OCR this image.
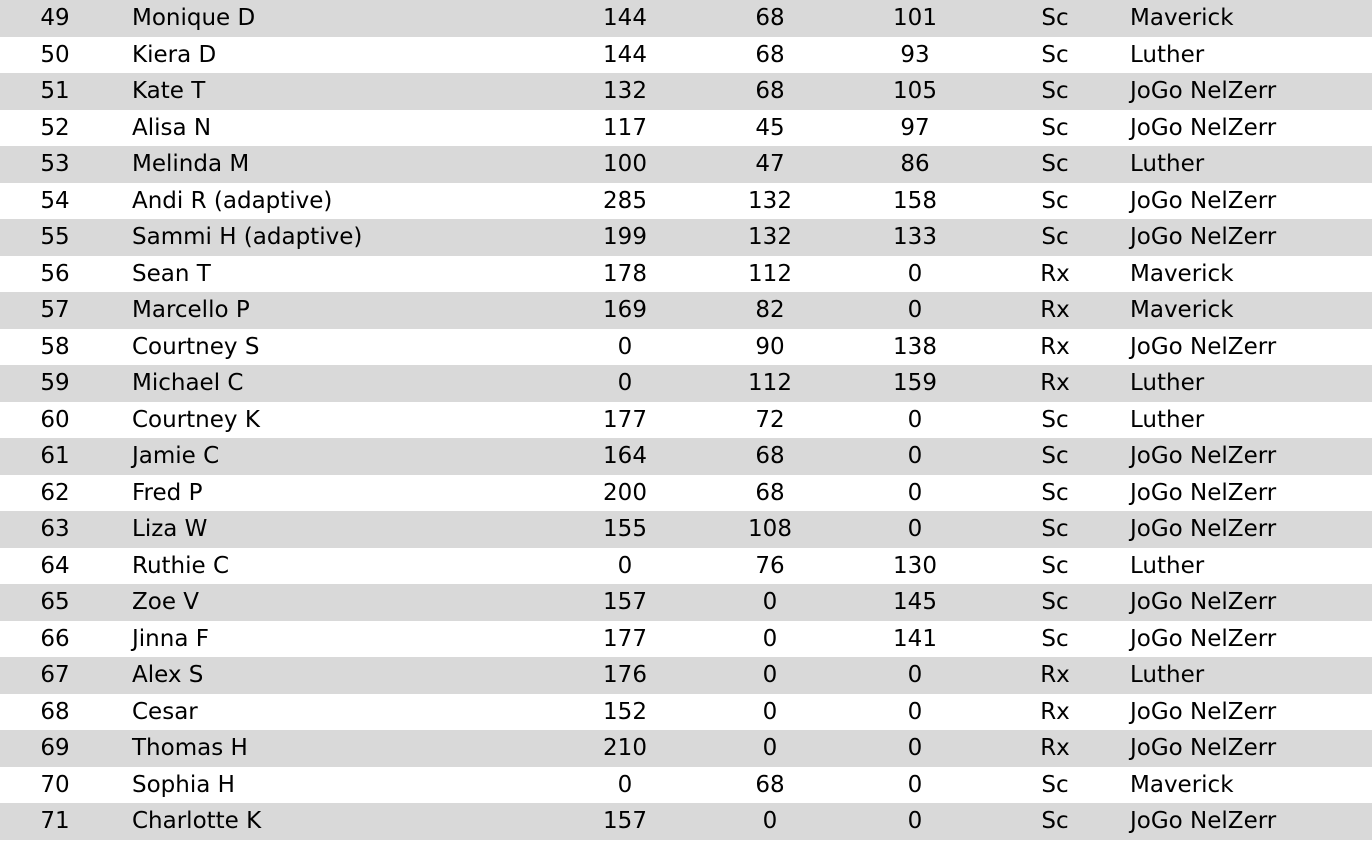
49	Monique D	144	68	101	Sc	Maverick
50	Kiera D	144	68	93	Sc	Luther
51	Kate T	132	68	105	Sc	JoGo NelZerr
52	Alisa N	117	45	97	Sc	JoGo NelZerr
53	Melinda M	100	47	86	Sc	Luther
54	Andi R (adaptive)	285	132	158	Sc	JoGo NelZerr
55	Sammi H (adaptive)	199	132	133	Sc	JoGo NelZerr
56	Sean T	178	112	0	Rx	Maverick
57	Marcello P	169	82	0	Rx	Maverick
58	Courtney S	0	90	138	Rx	JoGo NelZerr
59	Michael C	0	112	159	Rx	Luther
60	Courtney K	177	72	0	Sc	Luther
61	Jamie C	164	68	0	Sc	JoGo NelZerr
62	Fred P	200	68	0	Sc	JoGo NelZerr
63	Liza W	155	108	0	Sc	JoGo NelZerr
64	Ruthie C	0	76	130	Sc	Luther
65	Zoe V	157	0	145	Sc	JoGo NelZerr
66	Jinna F	177	0	141	Sc	JoGo NelZerr
67	Alex S	176	0	0	Rx	Luther
68	Cesar	152	0	0	Rx	JoGo NelZerr
69	Thomas H	210	0	0	Rx	JoGo NelZerr
70	Sophia H	0	68	0	Sc	Maverick
71	Charlotte K	157	0	0	Sc	JoGo NelZerr
